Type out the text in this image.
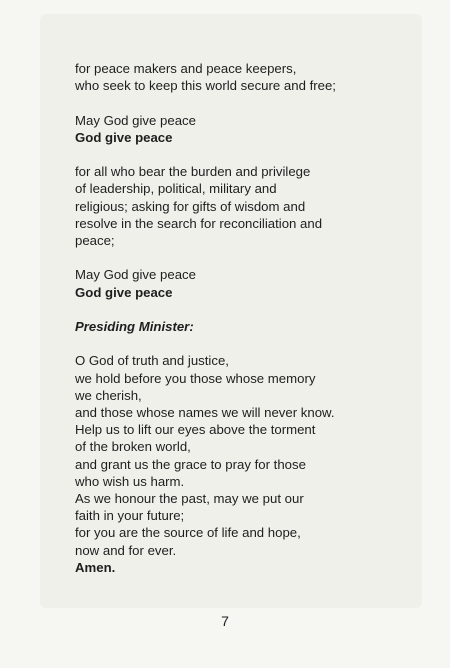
for peace makers and peace keepers,
who seek to keep this world secure and free;
May God give peace
God give peace
for all who bear the burden and privilege
of leadership, political, military and
religious; asking for gifts of wisdom and
resolve in the search for reconciliation and
peace;
May God give peace
God give peace
Presiding Minister:
O God of truth and justice,
we hold before you those whose memory
we cherish,
and those whose names we will never know.
Help us to lift our eyes above the torment
of the broken world,
and grant us the grace to pray for those
who wish us harm.
As we honour the past, may we put our
faith in your future;
for you are the source of life and hope,
now and for ever.
Amen.
7
